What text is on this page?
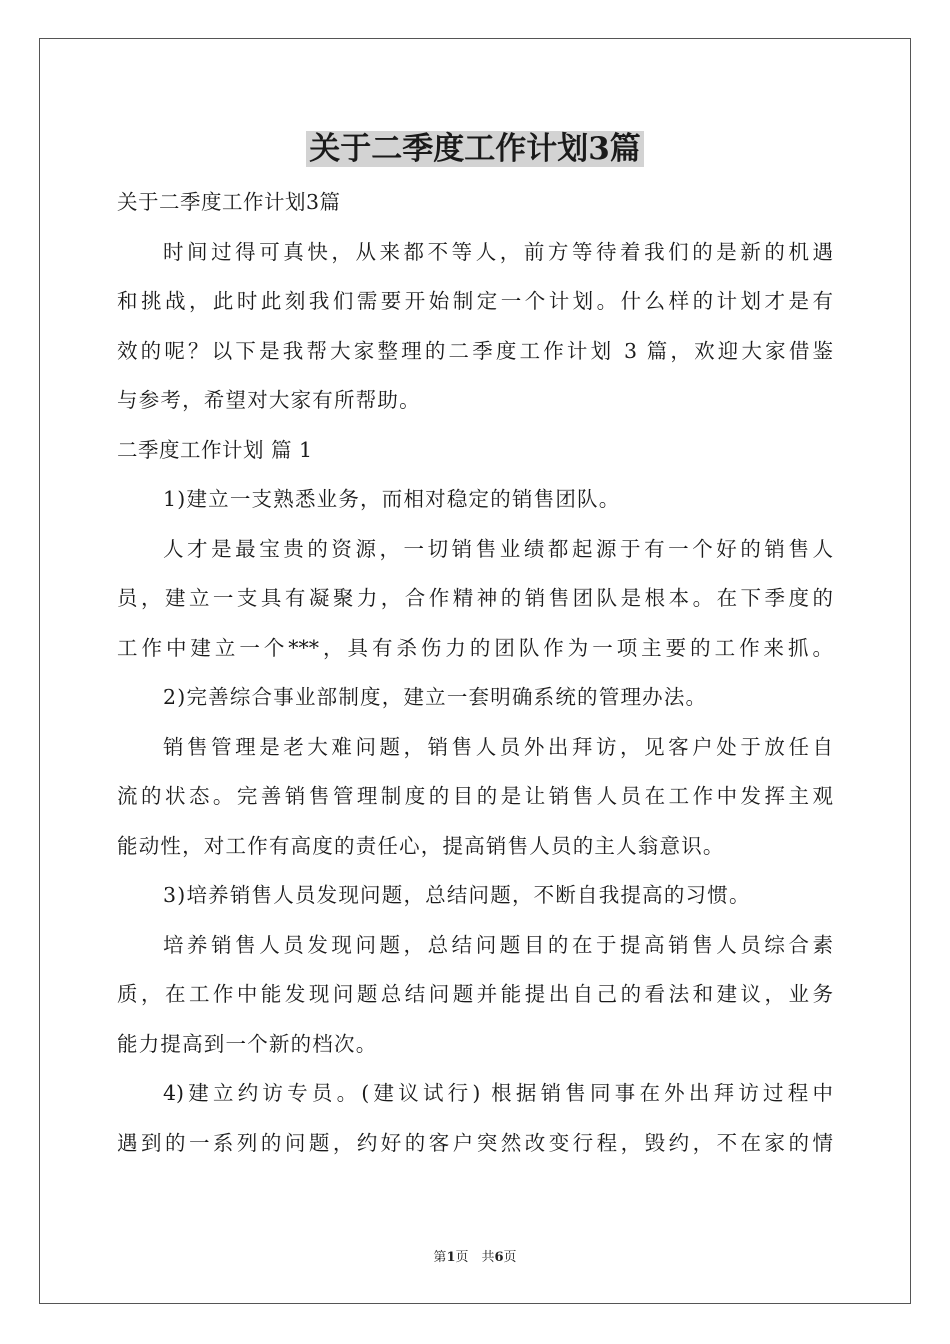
关于二季度工作计划3篇

关于二季度工作计划3篇

时间过得可真快，从来都不等人，前方等待着我们的是新的机遇

和挑战，此时此刻我们需要开始制定一个计划。什么样的计划才是有

效的呢？以下是我帮大家整理的二季度工作计划 3 篇，欢迎大家借鉴

与参考，希望对大家有所帮助。

二季度工作计划 篇 1

1)建立一支熟悉业务，而相对稳定的销售团队。

人才是最宝贵的资源，一切销售业绩都起源于有一个好的销售人

员，建立一支具有凝聚力，合作精神的销售团队是根本。在下季度的

工作中建立一个***，具有杀伤力的团队作为一项主要的工作来抓。

2)完善综合事业部制度，建立一套明确系统的管理办法。

销售管理是老大难问题，销售人员外出拜访，见客户处于放任自

流的状态。完善销售管理制度的目的是让销售人员在工作中发挥主观

能动性，对工作有高度的责任心，提高销售人员的主人翁意识。

3)培养销售人员发现问题，总结问题，不断自我提高的习惯。

培养销售人员发现问题，总结问题目的在于提高销售人员综合素

质，在工作中能发现问题总结问题并能提出自己的看法和建议，业务

能力提高到一个新的档次。

4)建立约访专员。(建议试行) 根据销售同事在外出拜访过程中

遇到的一系列的问题，约好的客户突然改变行程，毁约，不在家的情

第1页　共6页
